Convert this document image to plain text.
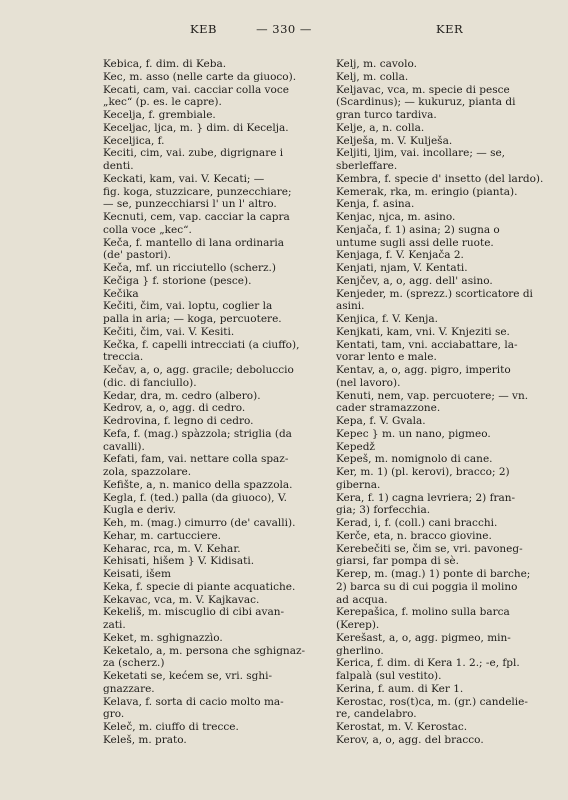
KEB	— 330 —	KER
Kebica, f. dim. di Keba.
Kec, m. asso (nelle carte da giuoco).
Kecati, cam, vai. cacciar colla voce
„kec“ (p. es. le capre).
Kecelja, f. grembiale.
Keceljac, ljca, m. } dim. di Kecelja.
Keceljica, f.
Keciti, cim, vai. zube, digrignare i
denti.
Keckati, kam, vai. V. Kecati; —
fig. koga, stuzzicare, punzecchiare;
— se, punzecchiarsi l' un l' altro.
Kecnuti, cem, vap. cacciar la capra
colla voce „kec“.
Keča, f. mantello di lana ordinaria
(de' pastori).
Keča, mf. un ricciutello (scherz.)
Kečiga } f. storione (pesce).
Kečika
Kečiti, čim, vai. loptu, coglier la
palla in aria; — koga, percuotere.
Kečiti, čim, vai. V. Kesiti.
Kečka, f. capelli intrecciati (a ciuffo),
treccia.
Kečav, a, o, agg. gracile; deboluccio
(dic. di fanciullo).
Kedar, dra, m. cedro (albero).
Kedrov, a, o, agg. di cedro.
Kedrovina, f. legno di cedro.
Kefa, f. (mag.) spàzzola; striglia (da
cavalli).
Kefati, fam, vai. nettare colla spaz-
zola, spazzolare.
Kefište, a, n. manico della spazzola.
Kegla, f. (ted.) palla (da giuoco), V.
Kugla e deriv.
Keh, m. (mag.) cimurro (de' cavalli).
Kehar, m. cartucciere.
Keharac, rca, m. V. Kehar.
Kehisati, hišem } V. Kidisati.
Keisati, išem
Keka, f. specie di piante acquatiche.
Kekavac, vca, m. V. Kajkavac.
Kekeliš, m. miscuglio di cibi avan-
zati.
Keket, m. sghignazzìo.
Keketalo, a, m. persona che sghignaz-
za (scherz.)
Keketati se, kećem se, vri. sghi-
gnazzare.
Kelava, f. sorta di cacio molto ma-
gro.
Keleč, m. ciuffo di trecce.
Keleš, m. prato.
Kelj, m. cavolo.
Kelj, m. colla.
Keljavac, vca, m. specie di pesce
(Scardinus); — kukuruz, pianta di
gran turco tardiva.
Kelje, a, n. colla.
Kelješa, m. V. Kulješa.
Keljiti, ljim, vai. incollare; — se,
sberleffare.
Kembra, f. specie d' insetto (del lardo).
Kemerak, rka, m. eringio (pianta).
Kenja, f. asina.
Kenjac, njca, m. asino.
Kenjača, f. 1) asina; 2) sugna o
untume sugli assi delle ruote.
Kenjaga, f. V. Kenjača 2.
Kenjati, njam, V. Kentati.
Kenjčev, a, o, agg. dell' asino.
Kenjeder, m. (sprezz.) scorticatore di
asini.
Kenjica, f. V. Kenja.
Kenjkati, kam, vni. V. Knjeziti se.
Kentati, tam, vni. acciabattare, la-
vorar lento e male.
Kentav, a, o, agg. pigro, imperito
(nel lavoro).
Kenuti, nem, vap. percuotere; — vn.
cader stramazzone.
Kepa, f. V. Gvala.
Kepec } m. un nano, pigmeo.
Kepedž
Kepeš, m. nomignolo di cane.
Ker, m. 1) (pl. kerovi), bracco; 2)
giberna.
Kera, f. 1) cagna levriera; 2) fran-
gia; 3) forfecchia.
Kerad, i, f. (coll.) cani bracchi.
Kerče, eta, n. bracco giovine.
Kerebečiti se, čim se, vri. pavoneg-
giarsi, far pompa di sè.
Kerep, m. (mag.) 1) ponte di barche;
2) barca su di cui poggia il molino
ad acqua.
Kerepašica, f. molino sulla barca
(Kerep).
Kerešast, a, o, agg. pigmeo, min-
gherlino.
Kerica, f. dim. di Kera 1. 2.; -e, fpl.
falpalà (sul vestito).
Kerina, f. aum. di Ker 1.
Kerostac, ros(t)ca, m. (gr.) candelie-
re, candelabro.
Kerostat, m. V. Kerostac.
Kerov, a, o, agg. del bracco.
